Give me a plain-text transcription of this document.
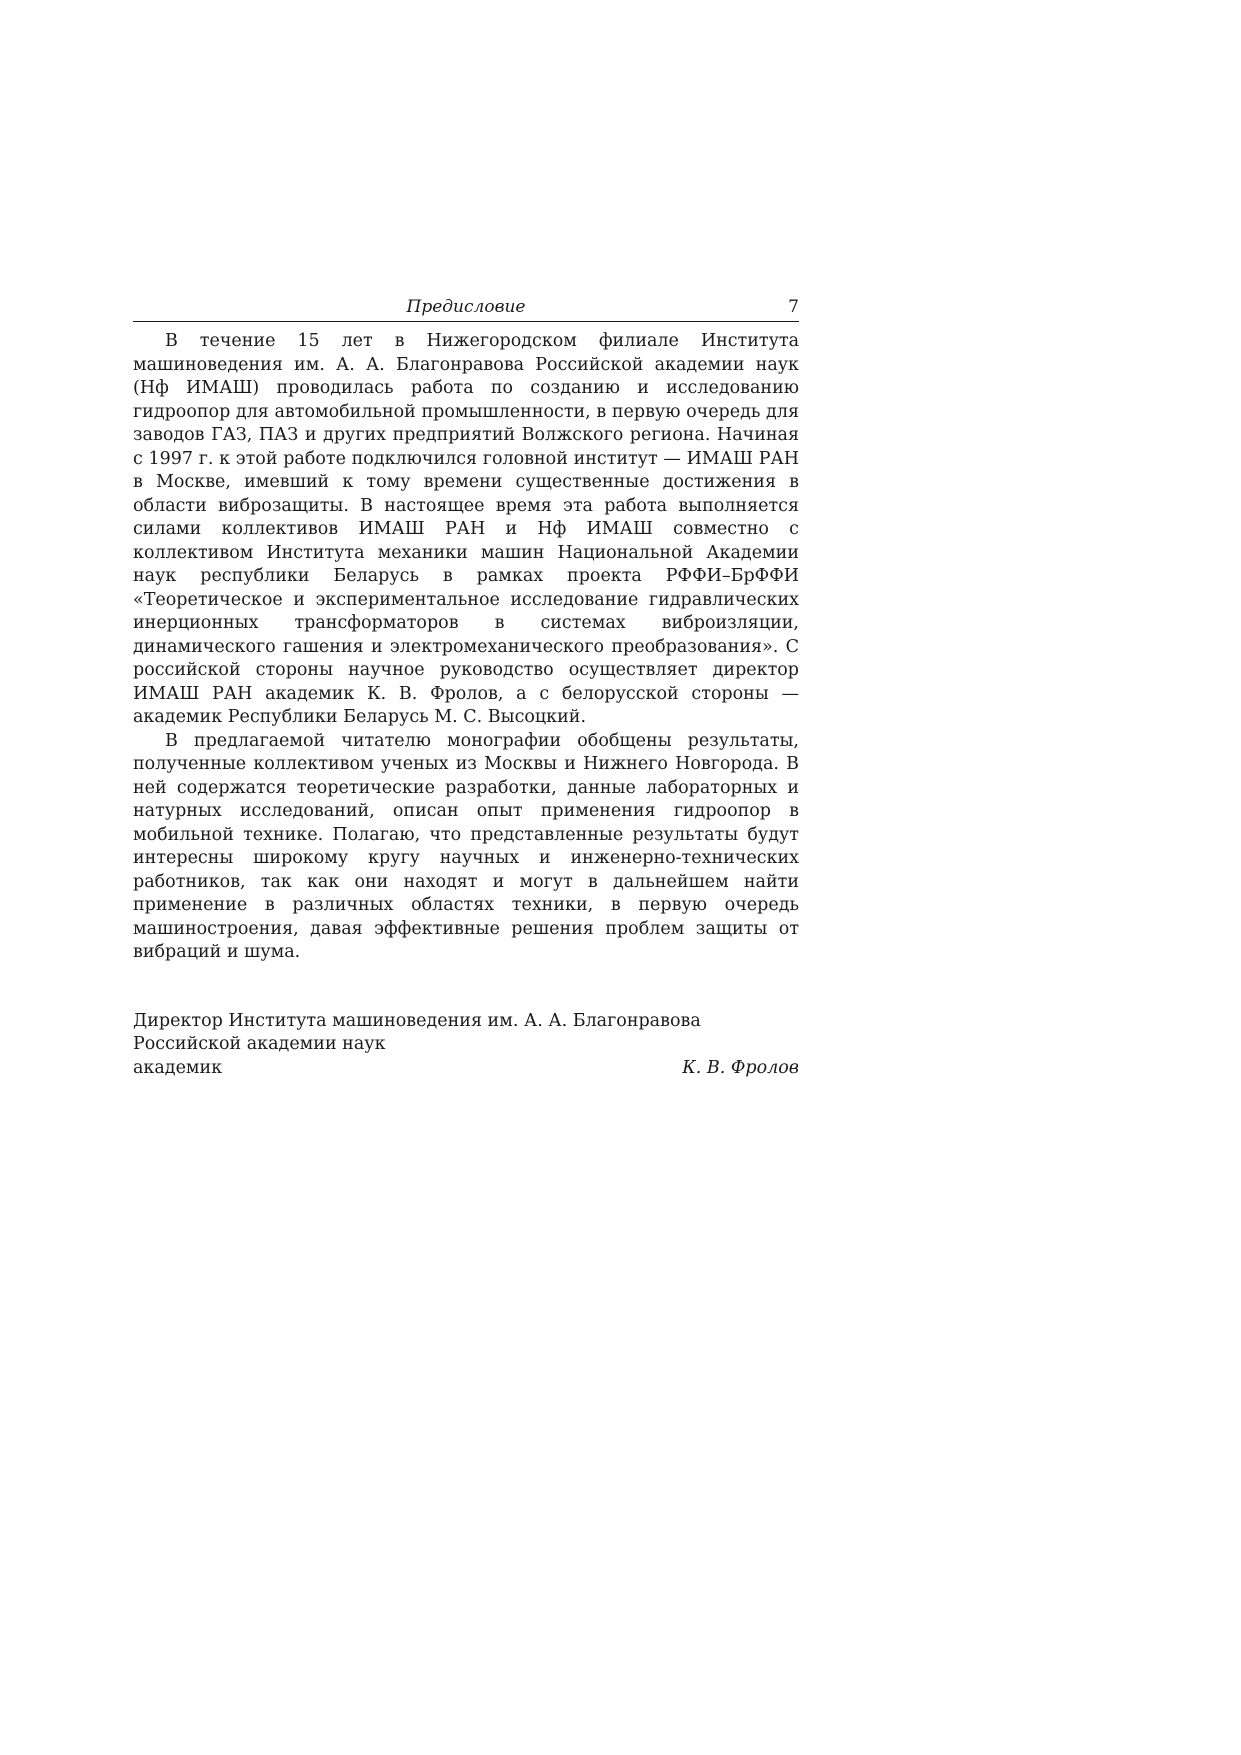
Предисловие	7

В течение 15 лет в Нижегородском филиале Института машиноведения им. А. А. Благонравова Российской академии наук (Нф ИМАШ) проводилась работа по созданию и исследованию гидроопор для автомобильной промышленности, в первую очередь для заводов ГАЗ, ПАЗ и других предприятий Волжского региона. Начиная с 1997 г. к этой работе подключился головной институт — ИМАШ РАН в Москве, имевший к тому времени существенные достижения в области виброзащиты. В настоящее время эта работа выполняется силами коллективов ИМАШ РАН и Нф ИМАШ совместно с коллективом Института механики машин Национальной Академии наук республики Беларусь в рамках проекта РФФИ–БрФФИ «Теоретическое и экспериментальное исследование гидравлических инерционных трансформаторов в системах виброизляции, динамического гашения и электромеханического преобразования». С российской стороны научное руководство осуществляет директор ИМАШ РАН академик К. В. Фролов, а с белорусской стороны — академик Республики Беларусь М. С. Высоцкий.

В предлагаемой читателю монографии обобщены результаты, полученные коллективом ученых из Москвы и Нижнего Новгорода. В ней содержатся теоретические разработки, данные лабораторных и натурных исследований, описан опыт применения гидроопор в мобильной технике. Полагаю, что представленные результаты будут интересны широкому кругу научных и инженерно-технических работников, так как они находят и могут в дальнейшем найти применение в различных областях техники, в первую очередь машиностроения, давая эффективные решения проблем защиты от вибраций и шума.

Директор Института машиноведения им. А. А. Благонравова
Российской академии наук
академик	К. В. Фролов
